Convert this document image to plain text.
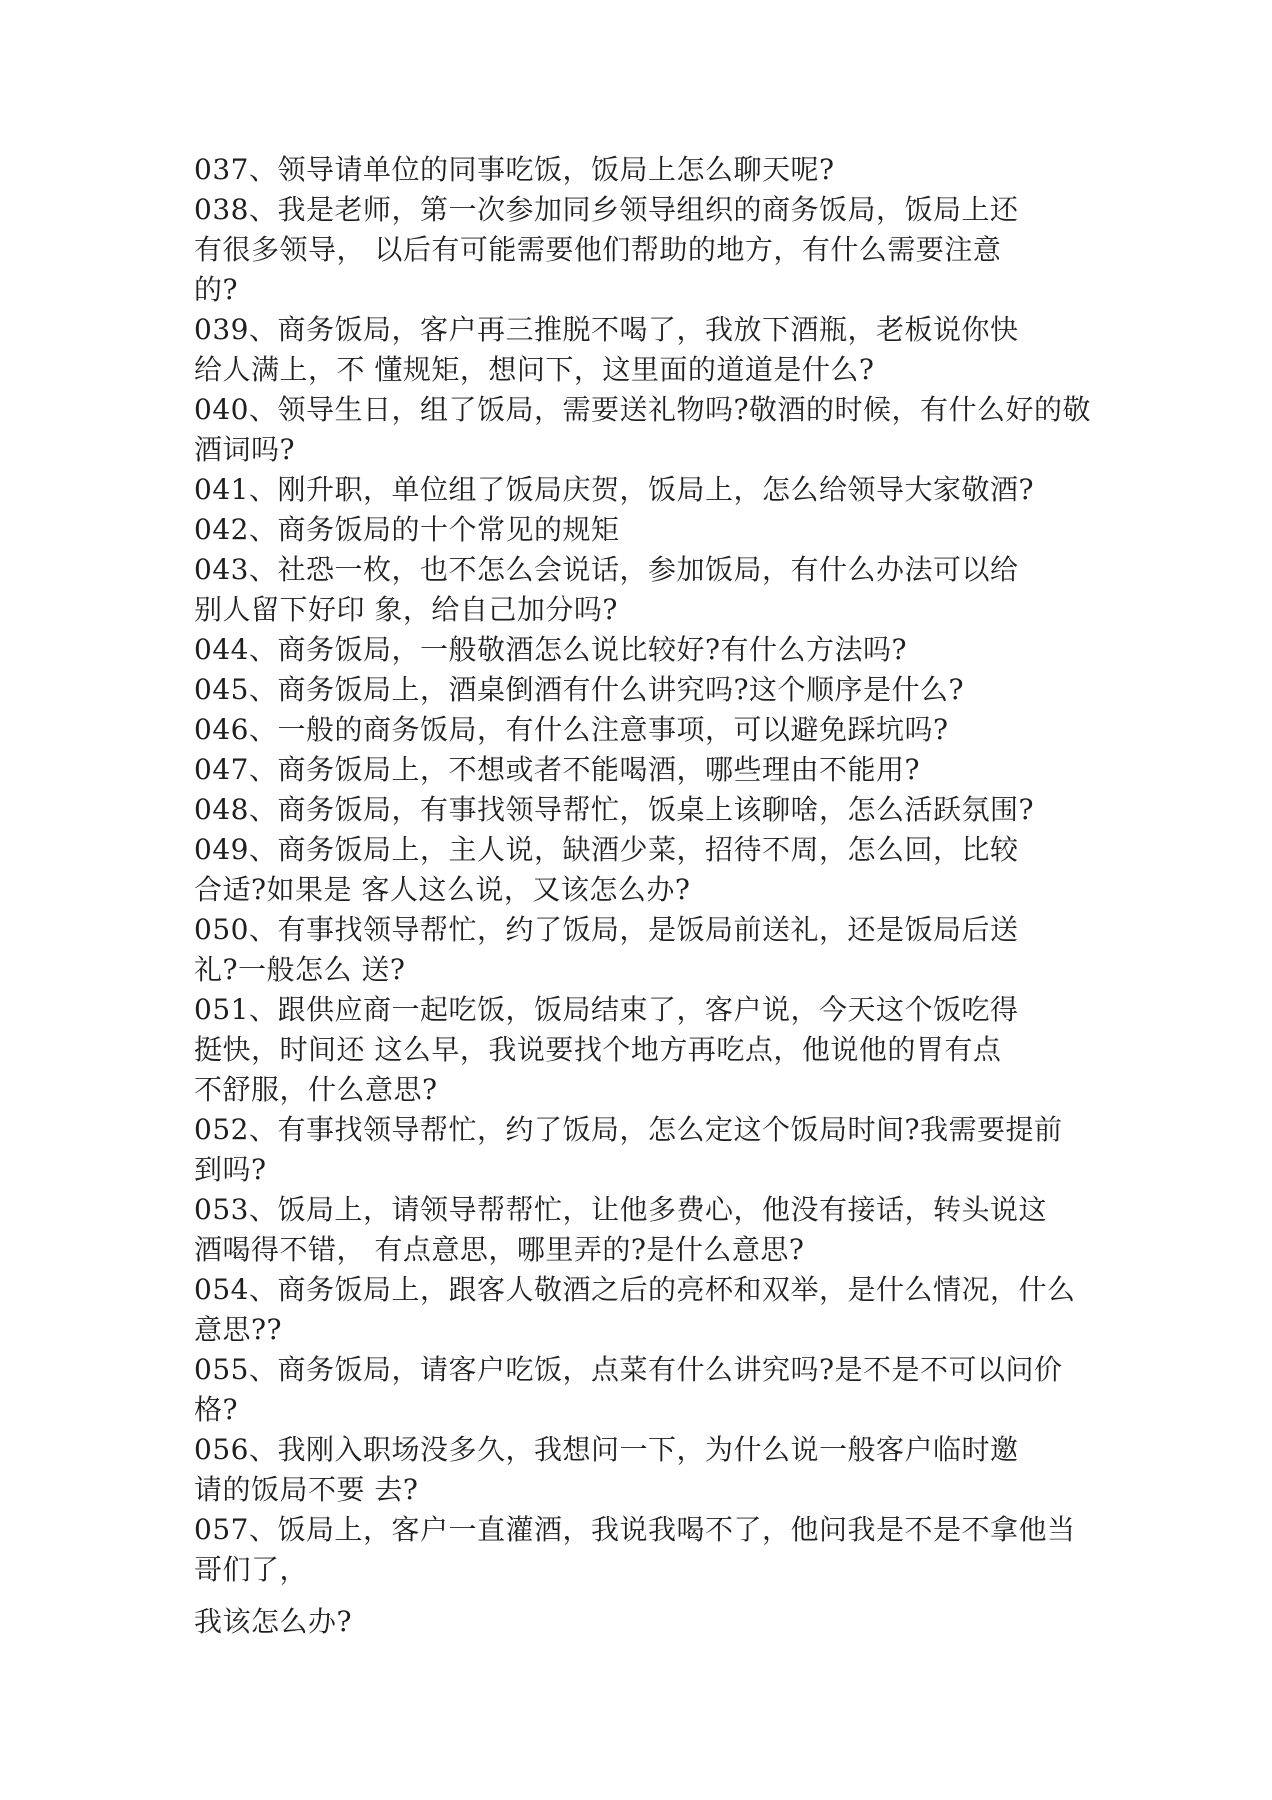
037、领导请单位的同事吃饭，饭局上怎么聊天呢?
038、我是老师，第一次参加同乡领导组织的商务饭局，饭局上还
有很多领导， 以后有可能需要他们帮助的地方，有什么需要注意
的?
039、商务饭局，客户再三推脱不喝了，我放下酒瓶，老板说你快
给人满上，不 懂规矩，想问下，这里面的道道是什么?
040、领导生日，组了饭局，需要送礼物吗?敬酒的时候，有什么好的敬
酒词吗?
041、刚升职，单位组了饭局庆贺，饭局上，怎么给领导大家敬酒?
042、商务饭局的十个常见的规矩
043、社恐一枚，也不怎么会说话，参加饭局，有什么办法可以给
别人留下好印 象，给自己加分吗?
044、商务饭局，一般敬酒怎么说比较好?有什么方法吗?
045、商务饭局上，酒桌倒酒有什么讲究吗?这个顺序是什么?
046、一般的商务饭局，有什么注意事项，可以避免踩坑吗?
047、商务饭局上，不想或者不能喝酒，哪些理由不能用?
048、商务饭局，有事找领导帮忙，饭桌上该聊啥，怎么活跃氛围?
049、商务饭局上，主人说，缺酒少菜，招待不周，怎么回，比较
合适?如果是 客人这么说，又该怎么办?
050、有事找领导帮忙，约了饭局，是饭局前送礼，还是饭局后送
礼?一般怎么 送?
051、跟供应商一起吃饭，饭局结束了，客户说，今天这个饭吃得
挺快，时间还 这么早，我说要找个地方再吃点，他说他的胃有点
不舒服，什么意思?
052、有事找领导帮忙，约了饭局，怎么定这个饭局时间?我需要提前
到吗?
053、饭局上，请领导帮帮忙，让他多费心，他没有接话，转头说这
酒喝得不错， 有点意思，哪里弄的?是什么意思?
054、商务饭局上，跟客人敬酒之后的亮杯和双举，是什么情况，什么
意思??
055、商务饭局，请客户吃饭，点菜有什么讲究吗?是不是不可以问价
格?
056、我刚入职场没多久，我想问一下，为什么说一般客户临时邀
请的饭局不要 去?
057、饭局上，客户一直灌酒，我说我喝不了，他问我是不是不拿他当
哥们了，
我该怎么办?
